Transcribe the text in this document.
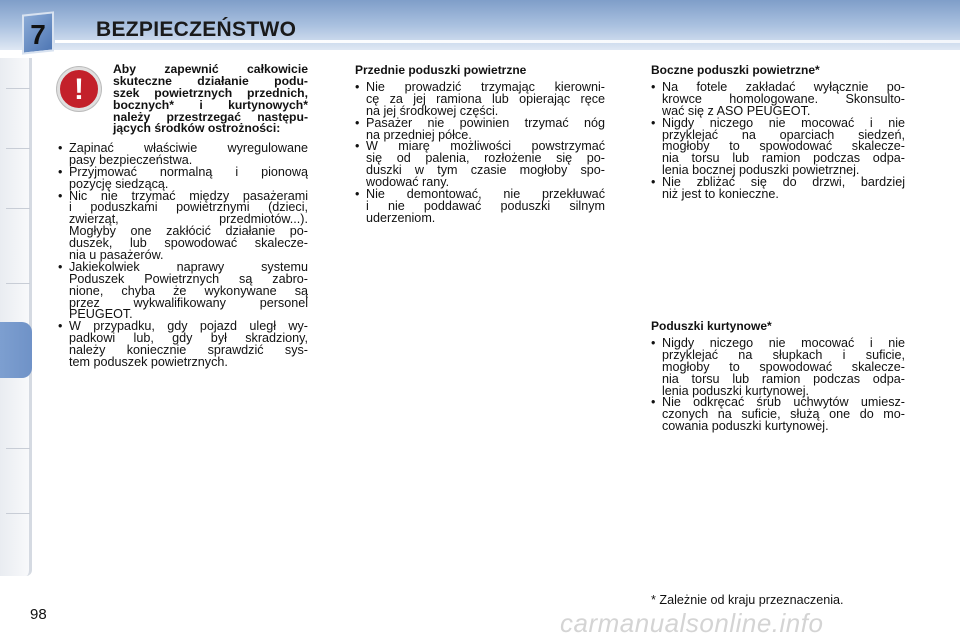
7 BEZPIECZEŃSTWO
!
Aby zapewnić całkowicie
skuteczne działanie podu-
szek powietrznych przednich,
bocznych* i kurtynowych*
należy przestrzegać następu-
jących środków ostrożności:
• Zapinać właściwie wyregulowane
pasy bezpieczeństwa.
• Przyjmować normalną i pionową
pozycję siedzącą.
• Nic nie trzymać między pasażerami
i poduszkami powietrznymi (dzieci,
zwierząt, przedmiotów...).
Mogłyby one zakłócić działanie po-
duszek, lub spowodować skalecze-
nia u pasażerów.
• Jakiekolwiek naprawy systemu
Poduszek Powietrznych są zabro-
nione, chyba że wykonywane są
przez wykwalifikowany personel
PEUGEOT.
• W przypadku, gdy pojazd uległ wy-
padkowi lub, gdy był skradziony,
należy koniecznie sprawdzić sys-
tem poduszek powietrznych.
Przednie poduszki powietrzne
• Nie prowadzić trzymając kierowni-
cę za jej ramiona lub opierając ręce
na jej środkowej części.
• Pasażer nie powinien trzymać nóg
na przedniej półce.
• W miarę możliwości powstrzymać
się od palenia, rozłożenie się po-
duszki w tym czasie mogłoby spo-
wodować rany.
• Nie demontować, nie przekłuwać
i nie poddawać poduszki silnym
uderzeniom.
Boczne poduszki powietrzne*
• Na fotele zakładać wyłącznie po-
krowce homologowane. Skonsulto-
wać się z ASO PEUGEOT.
• Nigdy niczego nie mocować i nie
przyklejać na oparciach siedzeń,
mogłoby to spowodować skalecze-
nia torsu lub ramion podczas odpa-
lenia bocznej poduszki powietrznej.
• Nie zbliżać się do drzwi, bardziej
niż jest to konieczne.
Poduszki kurtynowe*
• Nigdy niczego nie mocować i nie
przyklejać na słupkach i suficie,
mogłoby to spowodować skalecze-
nia torsu lub ramion podczas odpa-
lenia poduszki kurtynowej.
• Nie odkręcać śrub uchwytów umiesz-
czonych na suficie, służą one do mo-
cowania poduszki kurtynowej.
* Zależnie od kraju przeznaczenia.
98	carmanualsonline.info
